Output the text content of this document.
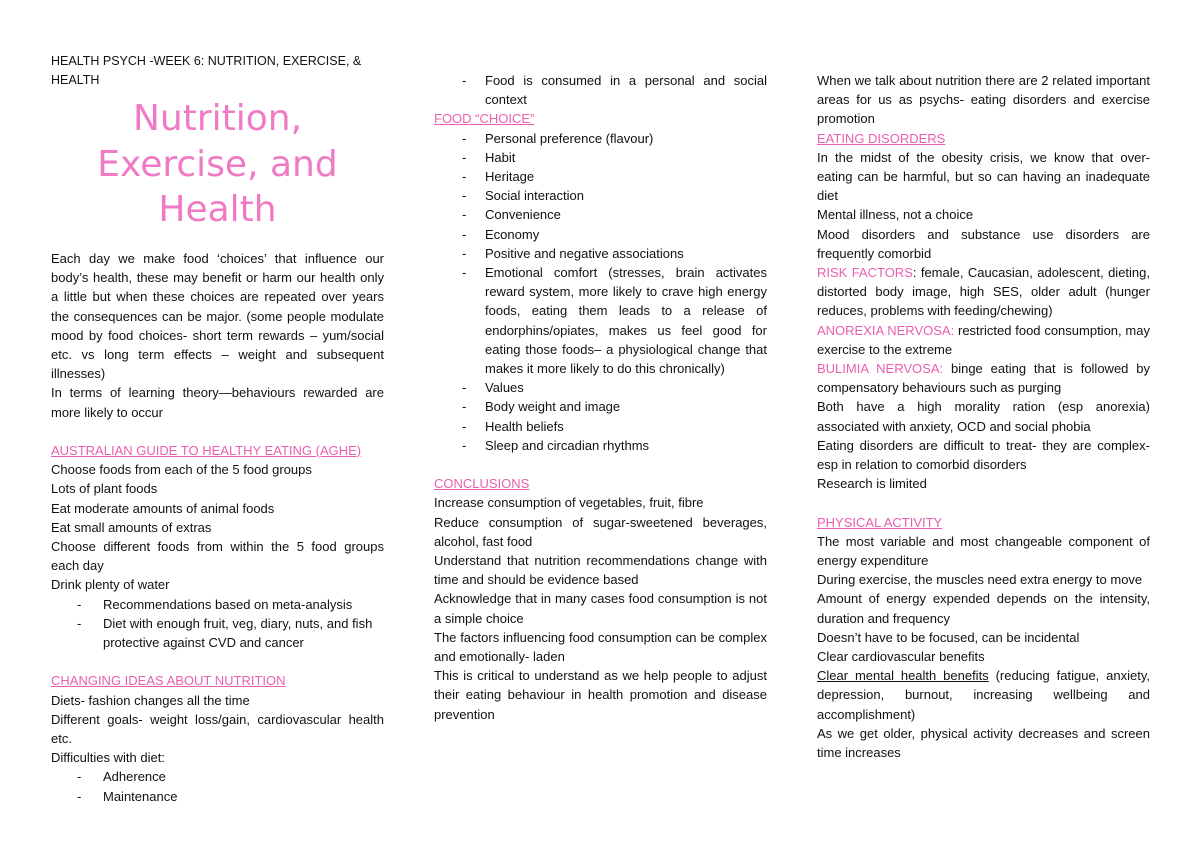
HEALTH PSYCH -WEEK 6: NUTRITION, EXERCISE, & HEALTH

Nutrition,
Exercise, and
Health

Each day we make food ‘choices’ that influence our body’s health, these may benefit or harm our health only a little but when these choices are repeated over years the consequences can be major. (some people modulate mood by food choices- short term rewards – yum/social etc. vs long term effects – weight and subsequent illnesses)

In terms of learning theory—behaviours rewarded are more likely to occur

AUSTRALIAN GUIDE TO HEALTHY EATING (AGHE)

Choose foods from each of the 5 food groups

Lots of plant foods

Eat moderate amounts of animal foods

Eat small amounts of extras

Choose different foods from within the 5 food groups each day

Drink plenty of water

- Recommendations based on meta-analysis
- Diet with enough fruit, veg, diary, nuts, and fish protective against CVD and cancer

CHANGING IDEAS ABOUT NUTRITION

Diets- fashion changes all the time

Different goals- weight loss/gain, cardiovascular health etc.

Difficulties with diet:

- Adherence
- Maintenance
- Food is consumed in a personal and social context

FOOD “CHOICE”

- Personal preference (flavour)
- Habit
- Heritage
- Social interaction
- Convenience
- Economy
- Positive and negative associations
- Emotional comfort (stresses, brain activates reward system, more likely to crave high energy foods, eating them leads to a release of endorphins/opiates, makes us feel good for eating those foods– a physiological change that makes it more likely to do this chronically)
- Values
- Body weight and image
- Health beliefs
- Sleep and circadian rhythms

CONCLUSIONS

Increase consumption of vegetables, fruit, fibre

Reduce consumption of sugar-sweetened beverages, alcohol, fast food

Understand that nutrition recommendations change with time and should be evidence based

Acknowledge that in many cases food consumption is not a simple choice

The factors influencing food consumption can be complex and emotionally- laden

This is critical to understand as we help people to adjust their eating behaviour in health promotion and disease prevention

When we talk about nutrition there are 2 related important areas for us as psychs- eating disorders and exercise promotion

EATING DISORDERS

In the midst of the obesity crisis, we know that over-eating can be harmful, but so can having an inadequate diet

Mental illness, not a choice

Mood disorders and substance use disorders are frequently comorbid

RISK FACTORS: female, Caucasian, adolescent, dieting, distorted body image, high SES, older adult (hunger reduces, problems with feeding/chewing)

ANOREXIA NERVOSA: restricted food consumption, may exercise to the extreme

BULIMIA NERVOSA: binge eating that is followed by compensatory behaviours such as purging

Both have a high morality ration (esp anorexia) associated with anxiety, OCD and social phobia

Eating disorders are difficult to treat- they are complex- esp in relation to comorbid disorders

Research is limited

PHYSICAL ACTIVITY

The most variable and most changeable component of energy expenditure

During exercise, the muscles need extra energy to move

Amount of energy expended depends on the intensity, duration and frequency

Doesn’t have to be focused, can be incidental

Clear cardiovascular benefits

Clear mental health benefits (reducing fatigue, anxiety, depression, burnout, increasing wellbeing and accomplishment)

As we get older, physical activity decreases and screen time increases
